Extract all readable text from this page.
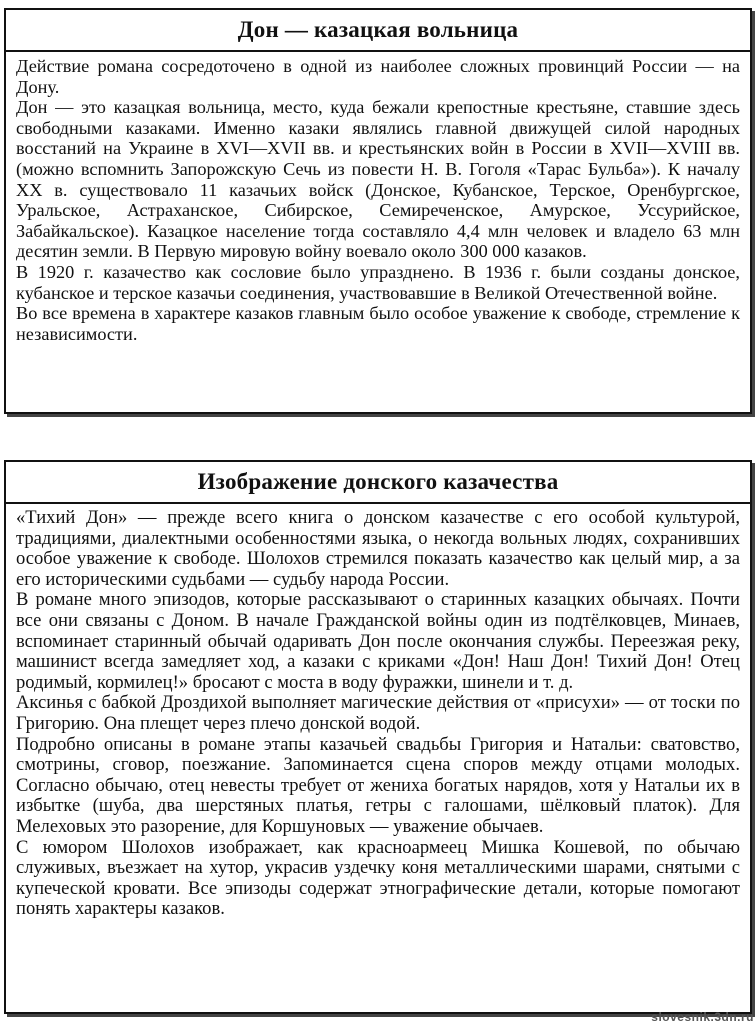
Дон — казацкая вольница

Действие романа сосредоточено в одной из наиболее сложных провинций России — на Дону.

Дон — это казацкая вольница, место, куда бежали крепостные крестьяне, ставшие здесь свободными казаками. Именно казаки являлись главной движущей силой народных восстаний на Украине в XVI—XVII вв. и крестьянских войн в России в XVII—XVIII вв. (можно вспомнить Запорожскую Сечь из повести Н. В. Гоголя «Тарас Бульба»). К началу XX в. существовало 11 казачьих войск (Донское, Кубанское, Терское, Оренбургское, Уральское, Астраханское, Сибирское, Семиреченское, Амурское, Уссурийское, Забайкальское). Казацкое население тогда составляло 4,4 млн человек и владело 63 млн десятин земли. В Первую мировую войну воевало около 300 000 казаков.

В 1920 г. казачество как сословие было упразднено. В 1936 г. были созданы донское, кубанское и терское казачьи соединения, участвовавшие в Великой Отечественной войне.

Во все времена в характере казаков главным было особое уважение к свободе, стремление к независимости.

Изображение донского казачества

«Тихий Дон» — прежде всего книга о донском казачестве с его особой культурой, традициями, диалектными особенностями языка, о некогда вольных людях, сохранивших особое уважение к свободе. Шолохов стремился показать казачество как целый мир, а за его историческими судьбами — судьбу народа России.

В романе много эпизодов, которые рассказывают о старинных казацких обычаях. Почти все они связаны с Доном. В начале Гражданской войны один из подтёлковцев, Минаев, вспоминает старинный обычай одаривать Дон после окончания службы. Переезжая реку, машинист всегда замедляет ход, а казаки с криками «Дон! Наш Дон! Тихий Дон! Отец родимый, кормилец!» бросают с моста в воду фуражки, шинели и т. д.

Аксинья с бабкой Дроздихой выполняет магические действия от «присухи» — от тоски по Григорию. Она плещет через плечо донской водой.

Подробно описаны в романе этапы казачьей свадьбы Григория и Натальи: сватовство, смотрины, сговор, поезжание. Запоминается сцена споров между отцами молодых. Согласно обычаю, отец невесты требует от жениха богатых нарядов, хотя у Натальи их в избытке (шуба, два шерстяных платья, гетры с галошами, шёлковый платок). Для Мелеховых это разорение, для Коршуновых — уважение обычаев.

С юмором Шолохов изображает, как красноармеец Мишка Кошевой, по обычаю служивых, въезжает на хутор, украсив уздечку коня металлическими шарами, снятыми с купеческой кровати. Все эпизоды содержат этнографические детали, которые помогают понять характеры казаков.

slovesnik.3dn.ru
